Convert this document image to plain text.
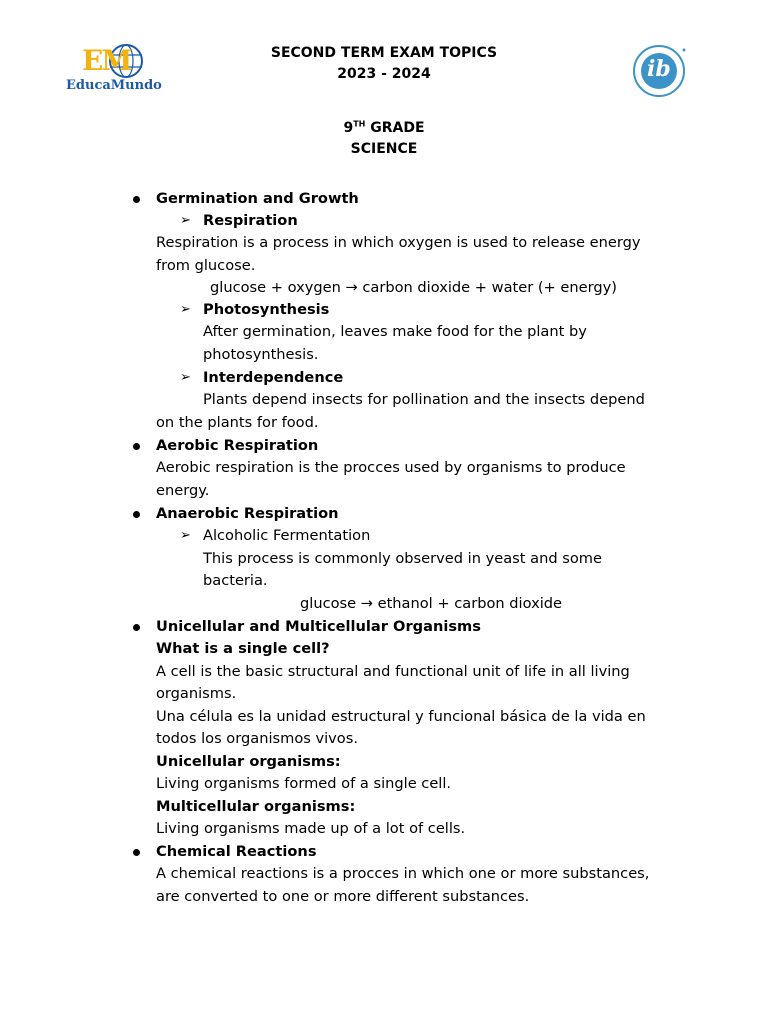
EM
EducaMundo
ib
SECOND TERM EXAM TOPICS
2023 - 2024
9TH GRADE
SCIENCE
Germination and Growth
➢ Respiration
Respiration is a process in which oxygen is used to release energy
from glucose.
glucose + oxygen → carbon dioxide + water (+ energy)
➢ Photosynthesis
After germination, leaves make food for the plant by
photosynthesis.
➢ Interdependence
Plants depend insects for pollination and the insects depend
on the plants for food.
Aerobic Respiration
Aerobic respiration is the procces used by organisms to produce
energy.
Anaerobic Respiration
➢ Alcoholic Fermentation
This process is commonly observed in yeast and some
bacteria.
glucose → ethanol + carbon dioxide
Unicellular and Multicellular Organisms
What is a single cell?
A cell is the basic structural and functional unit of life in all living
organisms.
Una célula es la unidad estructural y funcional básica de la vida en
todos los organismos vivos.
Unicellular organisms:
Living organisms formed of a single cell.
Multicellular organisms:
Living organisms made up of a lot of cells.
Chemical Reactions
A chemical reactions is a procces in which one or more substances,
are converted to one or more different substances.
